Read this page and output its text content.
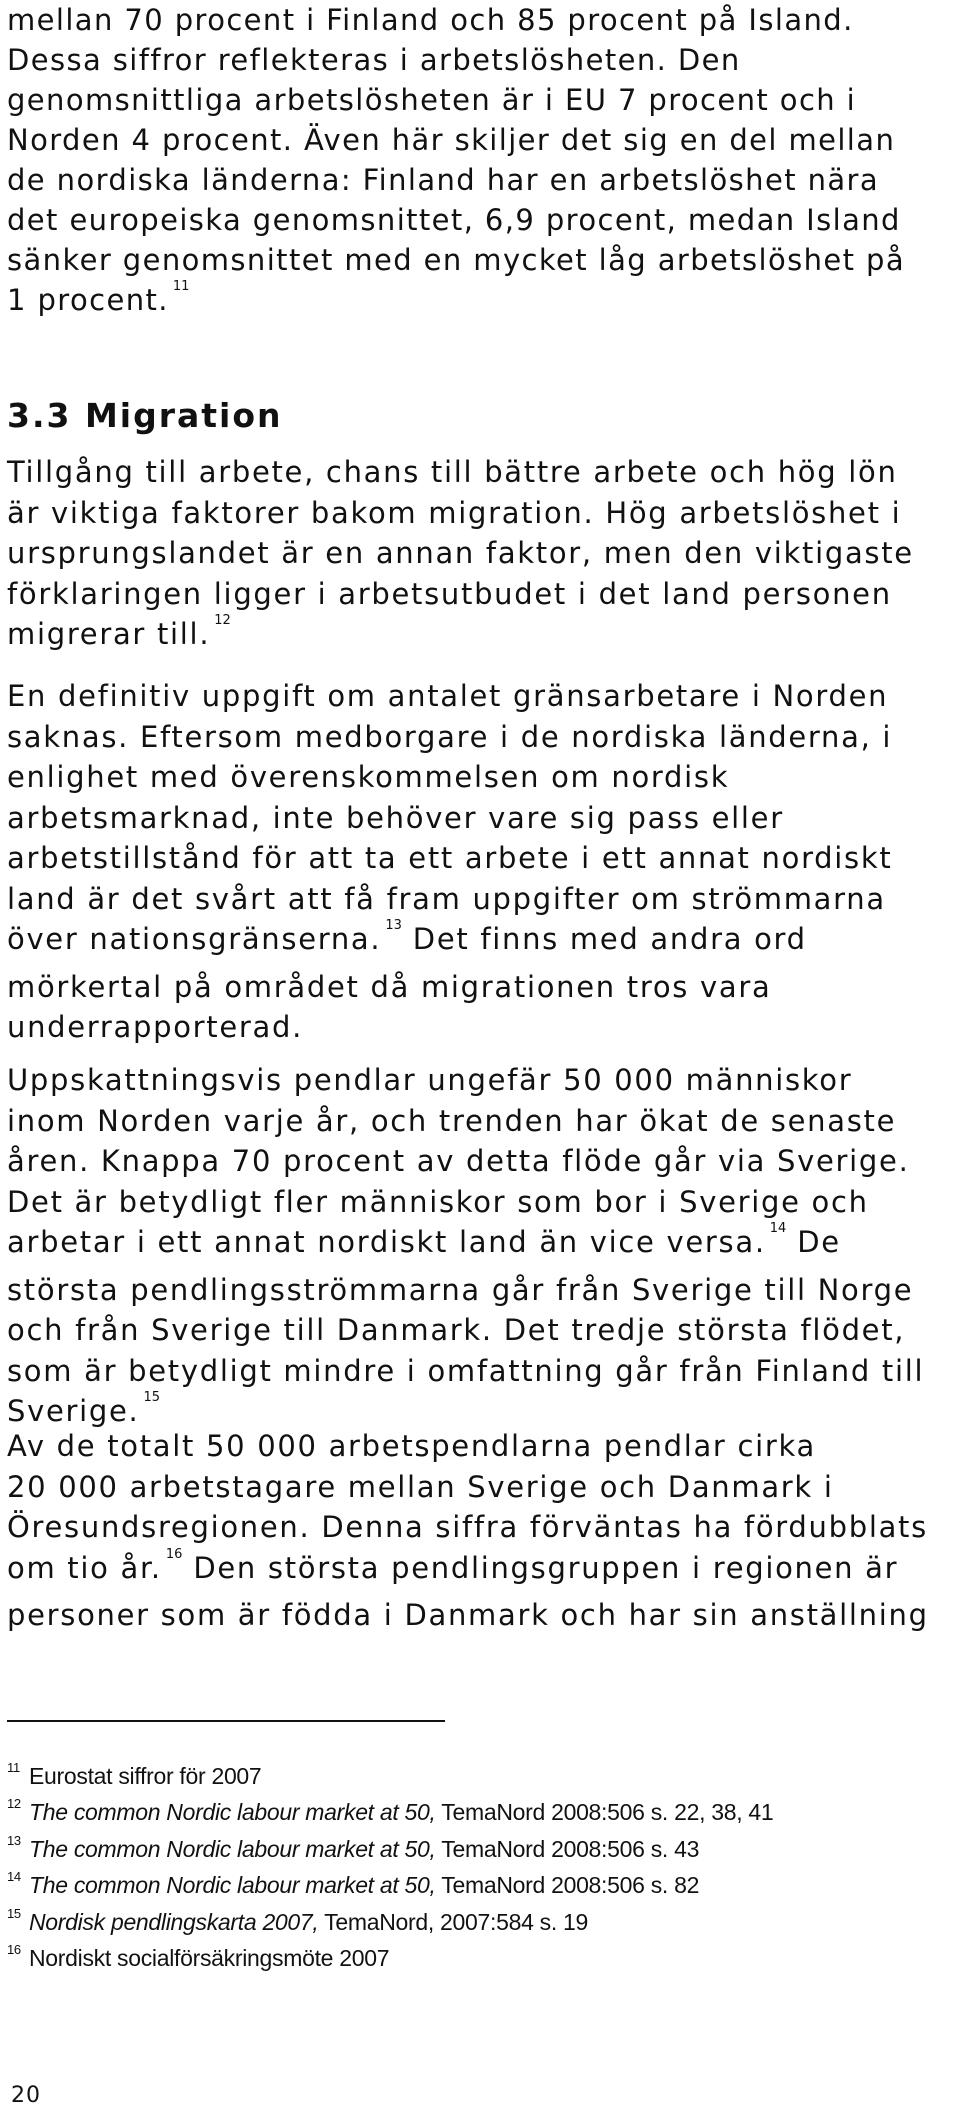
mellan 70 procent i Finland och 85 procent på Island.
Dessa siffror reflekteras i arbetslösheten. Den
genomsnittliga arbetslösheten är i EU 7 procent och i
Norden 4 procent. Även här skiljer det sig en del mellan
de nordiska länderna: Finland har en arbetslöshet nära
det europeiska genomsnittet, 6,9 procent, medan Island
sänker genomsnittet med en mycket låg arbetslöshet på
1 procent. $^{11}$

3.3 Migration

Tillgång till arbete, chans till bättre arbete och hög lön
är viktiga faktorer bakom migration. Hög arbetslöshet i
ursprungslandet är en annan faktor, men den viktigaste
förklaringen ligger i arbetsutbudet i det land personen
migrerar till. $^{12}$

En definitiv uppgift om antalet gränsarbetare i Norden
saknas. Eftersom medborgare i de nordiska länderna, i
enlighet med överenskommelsen om nordisk
arbetsmarknad, inte behöver vare sig pass eller
arbetstillstånd för att ta ett arbete i ett annat nordiskt
land är det svårt att få fram uppgifter om strömmarna
över nationsgränserna. $^{13}$ Det finns med andra ord
mörkertal på området då migrationen tros vara
underrapporterad.

Uppskattningsvis pendlar ungefär 50 000 människor
inom Norden varje år, och trenden har ökat de senaste
åren. Knappa 70 procent av detta flöde går via Sverige.
Det är betydligt fler människor som bor i Sverige och
arbetar i ett annat nordiskt land än vice versa. $^{14}$ De
största pendlingsströmmarna går från Sverige till Norge
och från Sverige till Danmark. Det tredje största flödet,
som är betydligt mindre i omfattning går från Finland till
Sverige. $^{15}$

Av de totalt 50 000 arbetspendlarna pendlar cirka
20 000 arbetstagare mellan Sverige och Danmark i
Öresundsregionen. Denna siffra förväntas ha fördubblats
om tio år. $^{16}$ Den största pendlingsgruppen i regionen är
personer som är födda i Danmark och har sin anställning

11 Eurostat siffror för 2007
12 The common Nordic labour market at 50, TemaNord 2008:506 s. 22, 38, 41
13 The common Nordic labour market at 50, TemaNord 2008:506 s. 43
14 The common Nordic labour market at 50, TemaNord 2008:506 s. 82
15 Nordisk pendlingskarta 2007, TemaNord, 2007:584 s. 19
16 Nordiskt socialförsäkringsmöte 2007
20
